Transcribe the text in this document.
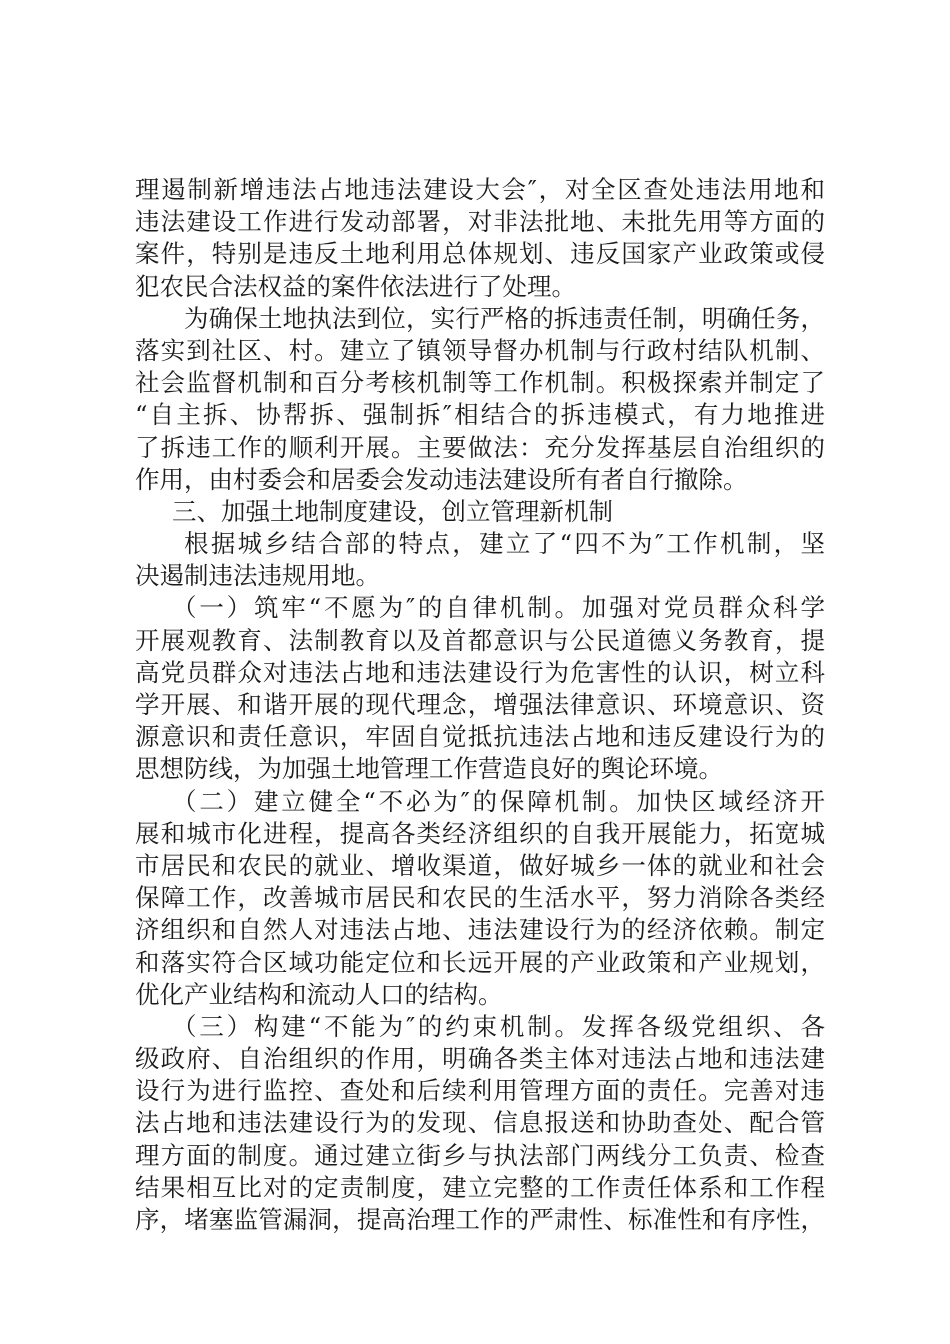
理遏制新增违法占地违法建设大会″，对全区查处违法用地和
违法建设工作进行发动部署，对非法批地、未批先用等方面的
案件，特别是违反土地利用总体规划、违反国家产业政策或侵
犯农民合法权益的案件依法进行了处理。
为确保土地执法到位，实行严格的拆违责任制，明确任务，
落实到社区、村。建立了镇领导督办机制与行政村结队机制、
社会监督机制和百分考核机制等工作机制。积极探索并制定了
“自主拆、协帮拆、强制拆″相结合的拆违模式，有力地推进
了拆违工作的顺利开展。主要做法：充分发挥基层自治组织的
作用，由村委会和居委会发动违法建设所有者自行撤除。
三、加强土地制度建设，创立管理新机制
根据城乡结合部的特点，建立了“四不为″工作机制，坚
决遏制违法违规用地。
（一）筑牢“不愿为″的自律机制。加强对党员群众科学
开展观教育、法制教育以及首都意识与公民道德义务教育，提
高党员群众对违法占地和违法建设行为危害性的认识，树立科
学开展、和谐开展的现代理念，增强法律意识、环境意识、资
源意识和责任意识，牢固自觉抵抗违法占地和违反建设行为的
思想防线，为加强土地管理工作营造良好的舆论环境。
（二）建立健全“不必为″的保障机制。加快区域经济开
展和城市化进程，提高各类经济组织的自我开展能力，拓宽城
市居民和农民的就业、增收渠道，做好城乡一体的就业和社会
保障工作，改善城市居民和农民的生活水平，努力消除各类经
济组织和自然人对违法占地、违法建设行为的经济依赖。制定
和落实符合区域功能定位和长远开展的产业政策和产业规划，
优化产业结构和流动人口的结构。
（三）构建“不能为″的约束机制。发挥各级党组织、各
级政府、自治组织的作用，明确各类主体对违法占地和违法建
设行为进行监控、查处和后续利用管理方面的责任。完善对违
法占地和违法建设行为的发现、信息报送和协助查处、配合管
理方面的制度。通过建立街乡与执法部门两线分工负责、检查
结果相互比对的定责制度，建立完整的工作责任体系和工作程
序，堵塞监管漏洞，提高治理工作的严肃性、标准性和有序性，
